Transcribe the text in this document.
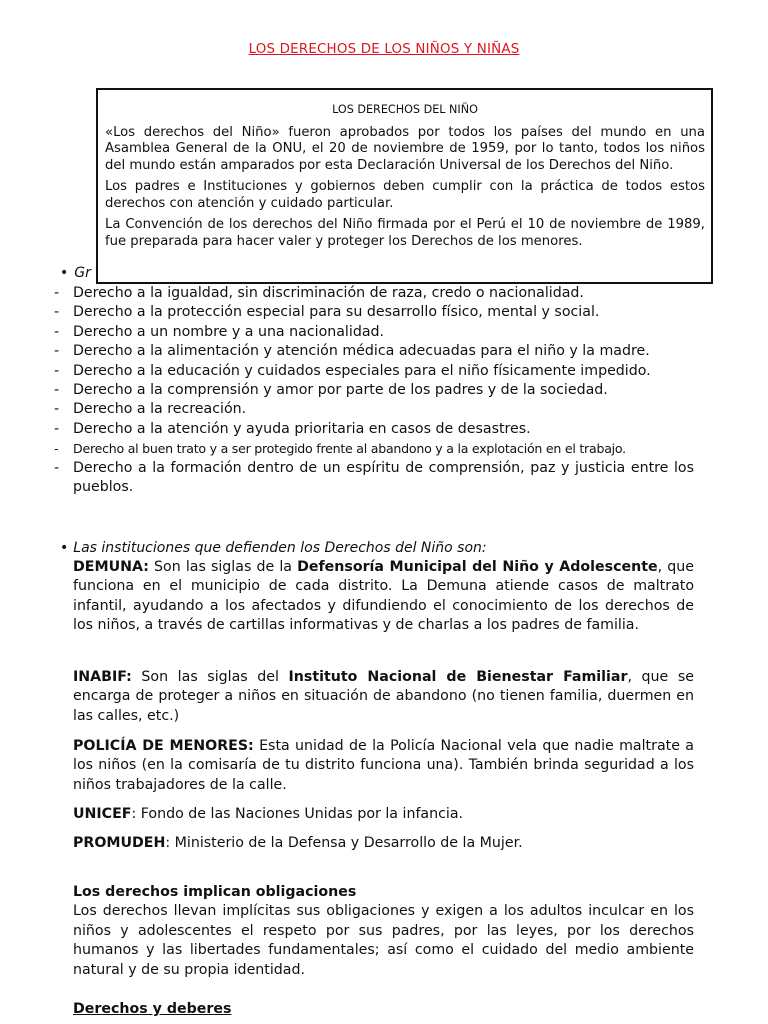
LOS DERECHOS DE LOS NIÑOS Y NIÑAS
LOS DERECHOS DEL NIÑO

«Los derechos del Niño» fueron aprobados por todos los países del mundo en una Asamblea General de la ONU, el 20 de noviembre de 1959, por lo tanto, todos los niños del mundo están amparados por esta Declaración Universal de los Derechos del Niño.

Los padres e Instituciones y gobiernos deben cumplir con la práctica de todos estos derechos con atención y cuidado particular.

La Convención de los derechos del Niño firmada por el Perú el 10 de noviembre de 1989, fue preparada para hacer valer y proteger los Derechos de los menores.

• Gr
- Derecho a la igualdad, sin discriminación de raza, credo o nacionalidad.
- Derecho a la protección especial para su desarrollo físico, mental y social.
- Derecho a un nombre y a una nacionalidad.
- Derecho a la alimentación y atención médica adecuadas para el niño y la madre.
- Derecho a la educación y cuidados especiales para el niño físicamente impedido.
- Derecho a la comprensión y amor por parte de los padres y de la sociedad.
- Derecho a la recreación.
- Derecho a la atención y ayuda prioritaria en casos de desastres.
- Derecho al buen trato y a ser protegido frente al abandono y a la explotación en el trabajo.
- Derecho a la formación dentro de un espíritu de comprensión, paz y justicia entre los pueblos.
• Las instituciones que defienden los Derechos del Niño son:

DEMUNA: Son las siglas de la Defensoría Municipal del Niño y Adolescente, que funciona en el municipio de cada distrito. La Demuna atiende casos de maltrato infantil, ayudando a los afectados y difundiendo el conocimiento de los derechos de los niños, a través de cartillas informativas y de charlas a los padres de familia.

INABIF: Son las siglas del Instituto Nacional de Bienestar Familiar, que se encarga de proteger a niños en situación de abandono (no tienen familia, duermen en las calles, etc.)

POLICÍA DE MENORES: Esta unidad de la Policía Nacional vela que nadie maltrate a los niños (en la comisaría de tu distrito funciona una). También brinda seguridad a los niños trabajadores de la calle.

UNICEF: Fondo de las Naciones Unidas por la infancia.

PROMUDEH: Ministerio de la Defensa y Desarrollo de la Mujer.

Los derechos implican obligaciones

Los derechos llevan implícitas sus obligaciones y exigen a los adultos inculcar en los niños y adolescentes el respeto por sus padres, por las leyes, por los derechos humanos y las libertades fundamentales; así como el cuidado del medio ambiente natural y de su propia identidad.

Derechos y deberes
